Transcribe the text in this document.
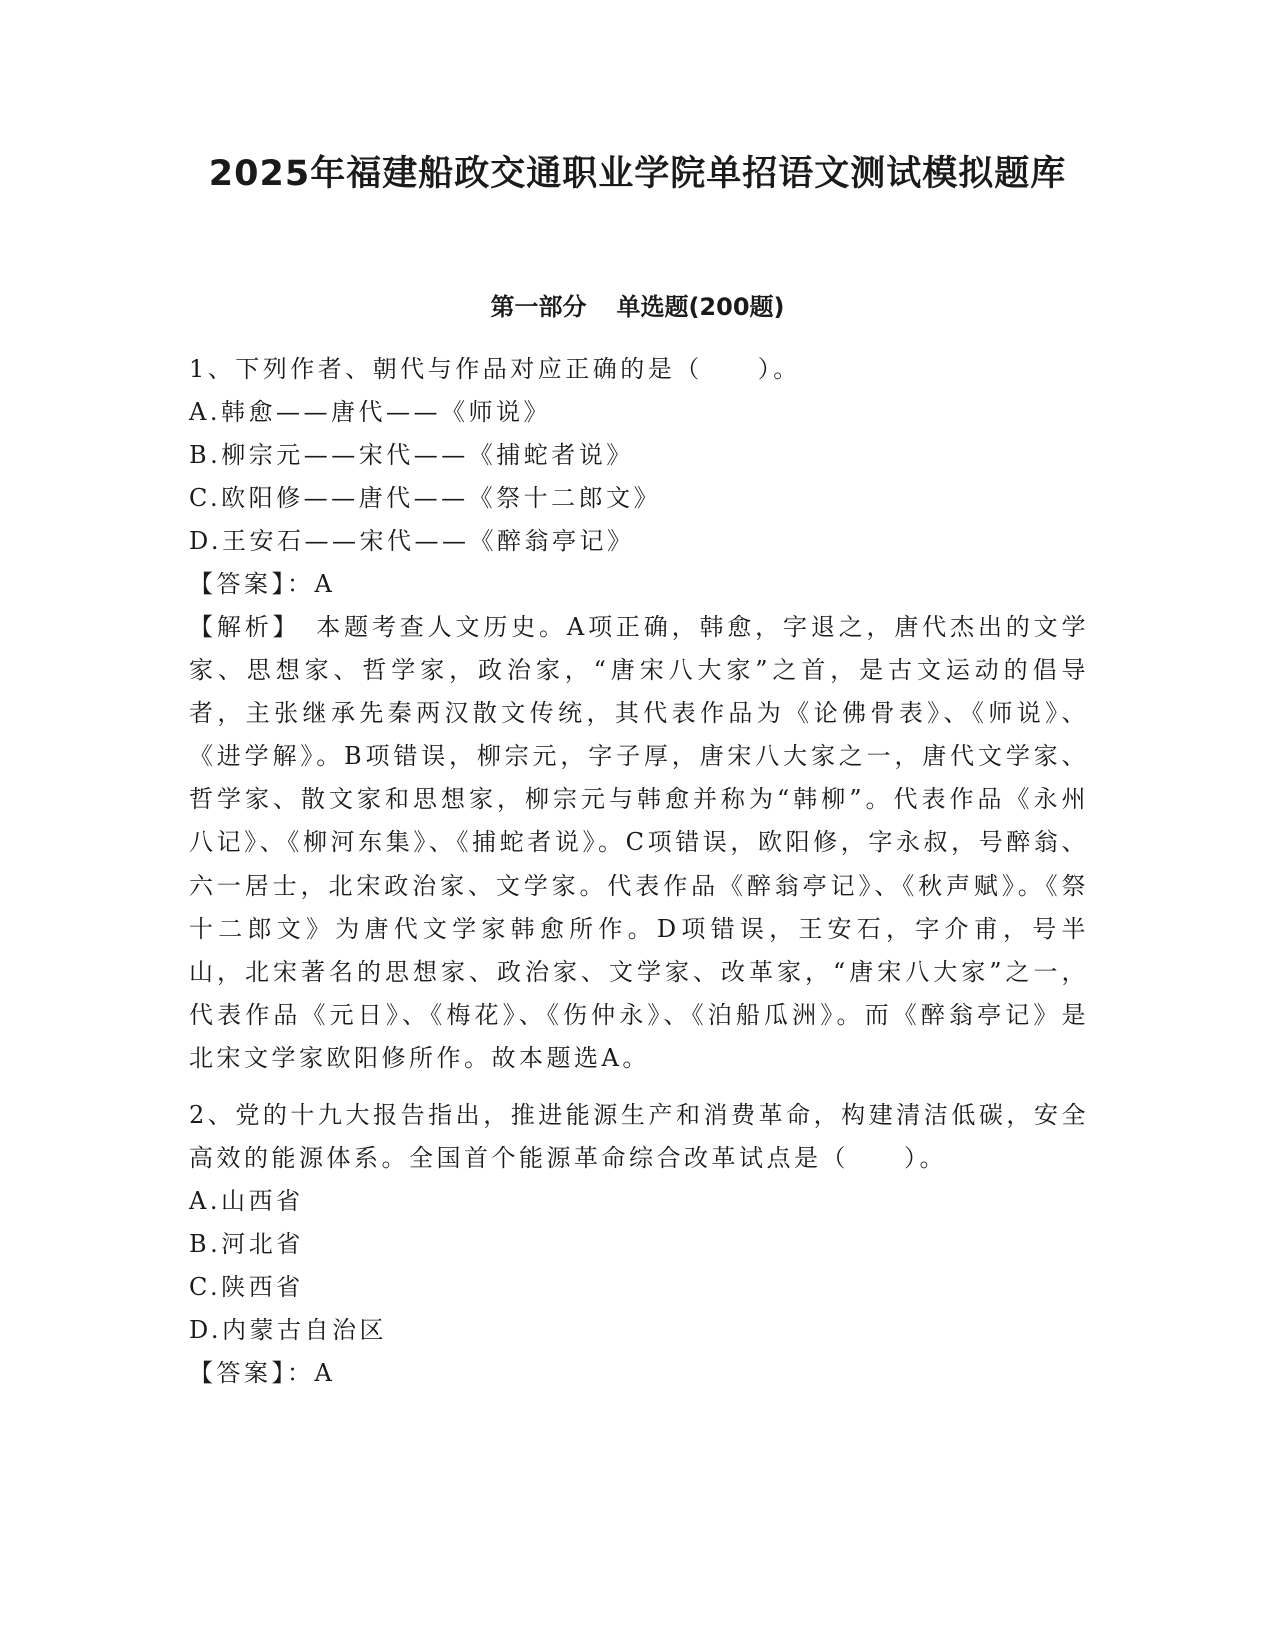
2025年福建船政交通职业学院单招语文测试模拟题库
第一部分 单选题(200题)
1、下列作者、朝代与作品对应正确的是（　　）。
A.韩愈——唐代——《师说》
B.柳宗元——宋代——《捕蛇者说》
C.欧阳修——唐代——《祭十二郎文》
D.王安石——宋代——《醉翁亭记》
【答案】：A

【解析】　本题考查人文历史。A项正确，韩愈，字退之，唐代杰出的文学家、思想家、哲学家，政治家，“唐宋八大家”之首，是古文运动的倡导者，主张继承先秦两汉散文传统，其代表作品为《论佛骨表》、《师说》、《进学解》。B项错误，柳宗元，字子厚，唐宋八大家之一，唐代文学家、哲学家、散文家和思想家，柳宗元与韩愈并称为“韩柳”。代表作品《永州八记》、《柳河东集》、《捕蛇者说》。C项错误，欧阳修，字永叔，号醉翁、六一居士，北宋政治家、文学家。代表作品《醉翁亭记》、《秋声赋》。《祭十二郎文》为唐代文学家韩愈所作。D项错误，王安石，字介甫，号半山，北宋著名的思想家、政治家、文学家、改革家，“唐宋八大家”之一，代表作品《元日》、《梅花》、《伤仲永》、《泊船瓜洲》。而《醉翁亭记》是北宋文学家欧阳修所作。故本题选A。

2、党的十九大报告指出，推进能源生产和消费革命，构建清洁低碳，安全高效的能源体系。全国首个能源革命综合改革试点是（　　）。

A.山西省
B.河北省
C.陕西省
D.内蒙古自治区
【答案】：A
